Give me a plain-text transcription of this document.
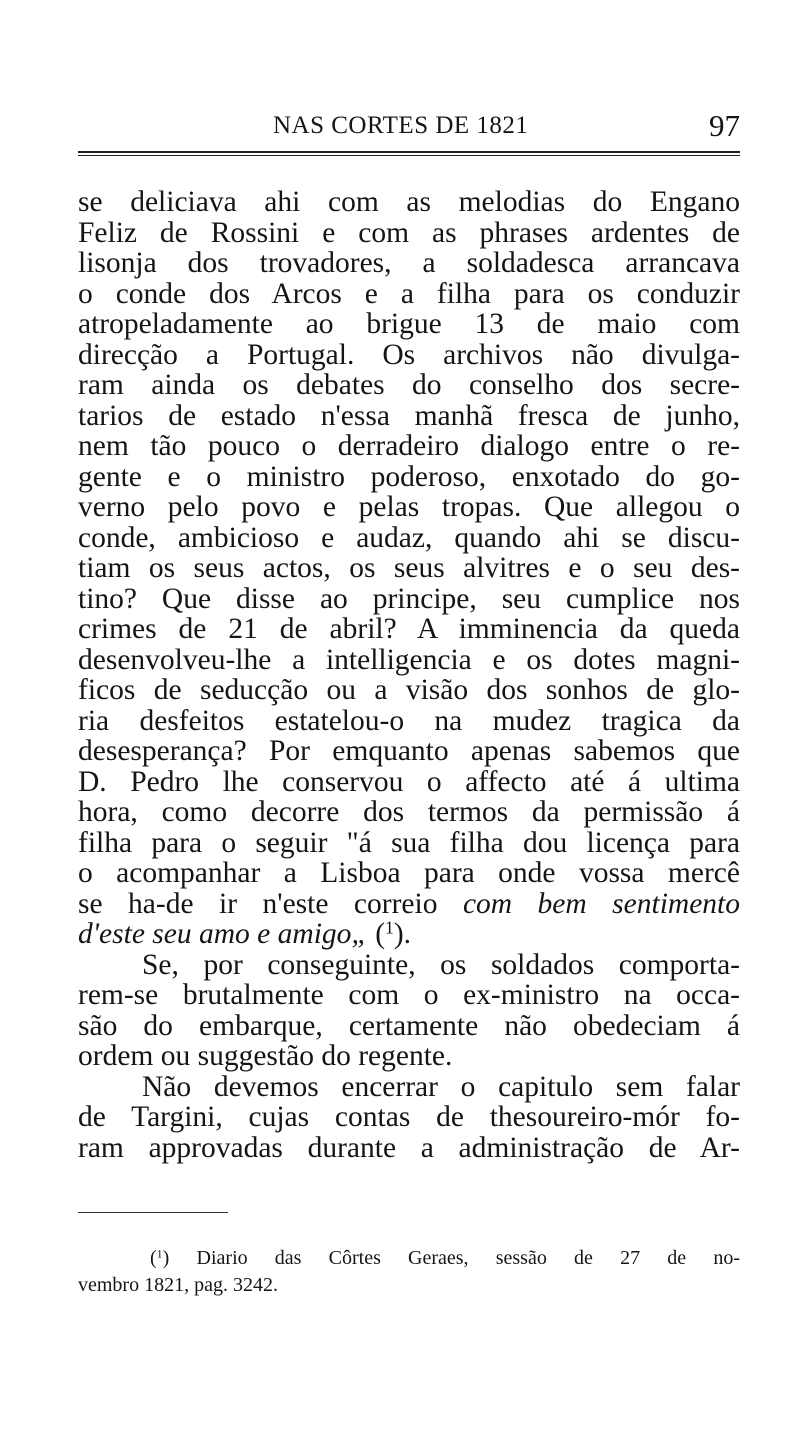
NAS CORTES DE 1821	97
se deliciava ahi com as melodias do Engano
Feliz de Rossini e com as phrases ardentes de
lisonja dos trovadores, a soldadesca arrancava
o conde dos Arcos e a filha para os conduzir
atropeladamente ao brigue 13 de maio com
direcção a Portugal. Os archivos não divulga-
ram ainda os debates do conselho dos secre-
tarios de estado n'essa manhã fresca de junho,
nem tão pouco o derradeiro dialogo entre o re-
gente e o ministro poderoso, enxotado do go-
verno pelo povo e pelas tropas. Que allegou o
conde, ambicioso e audaz, quando ahi se discu-
tiam os seus actos, os seus alvitres e o seu des-
tino? Que disse ao principe, seu cumplice nos
crimes de 21 de abril? A imminencia da queda
desenvolveu-lhe a intelligencia e os dotes magni-
ficos de seducção ou a visão dos sonhos de glo-
ria desfeitos estatelou-o na mudez tragica da
desesperança? Por emquanto apenas sabemos que
D. Pedro lhe conservou o affecto até á ultima
hora, como decorre dos termos da permissão á
filha para o seguir "á sua filha dou licença para
o acompanhar a Lisboa para onde vossa mercê
se ha-de ir n'este correio com bem sentimento
d'este seu amo e amigo„ ($^1$).
Se, por conseguinte, os soldados comporta-
rem-se brutalmente com o ex-ministro na occa-
são do embarque, certamente não obedeciam á
ordem ou suggestão do regente.
Não devemos encerrar o capitulo sem falar
de Targini, cujas contas de thesoureiro-mór fo-
ram approvadas durante a administração de Ar-
($^1$) Diario das Côrtes Geraes, sessão de 27 de no-
vembro 1821, pag. 3242.
